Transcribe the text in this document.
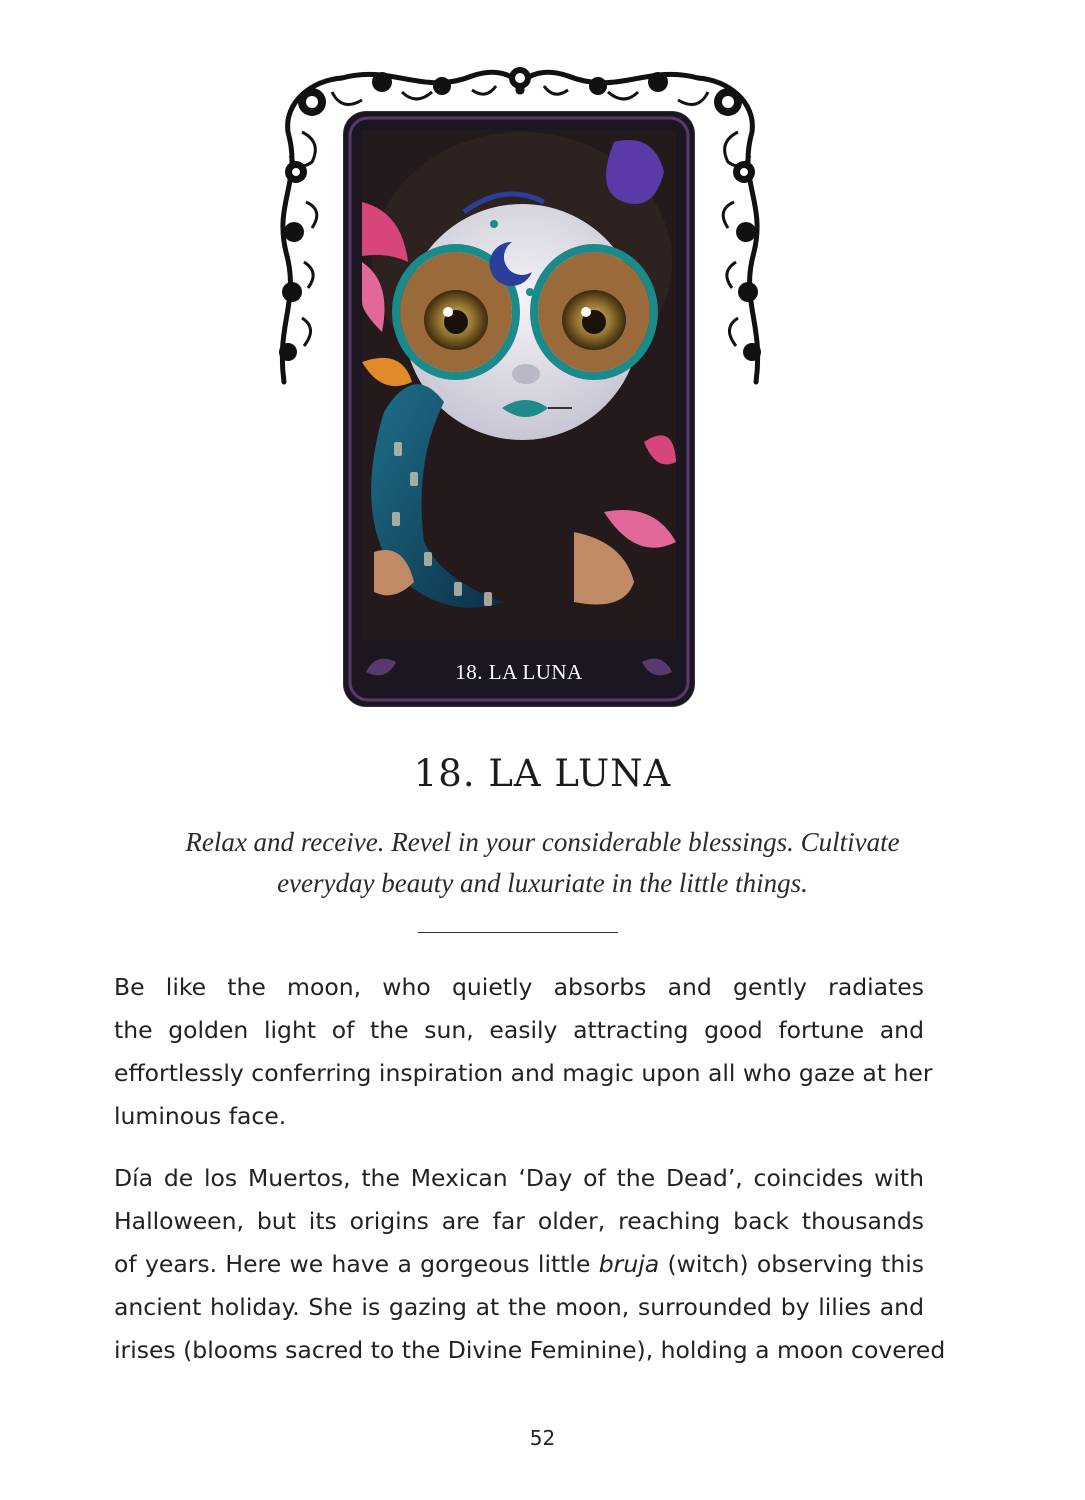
18. LA LUNA
18. LA LUNA
Relax and receive. Revel in your considerable blessings. Cultivate
everyday beauty and luxuriate in the little things.
Be like the moon, who quietly absorbs and gently radiates
the golden light of the sun, easily attracting good fortune and
effortlessly conferring inspiration and magic upon all who gaze at her
luminous face.
Día de los Muertos, the Mexican ‘Day of the Dead’, coincides with
Halloween, but its origins are far older, reaching back thousands
of years. Here we have a gorgeous little bruja (witch) observing this
ancient holiday. She is gazing at the moon, surrounded by lilies and
irises (blooms sacred to the Divine Feminine), holding a moon covered
52
